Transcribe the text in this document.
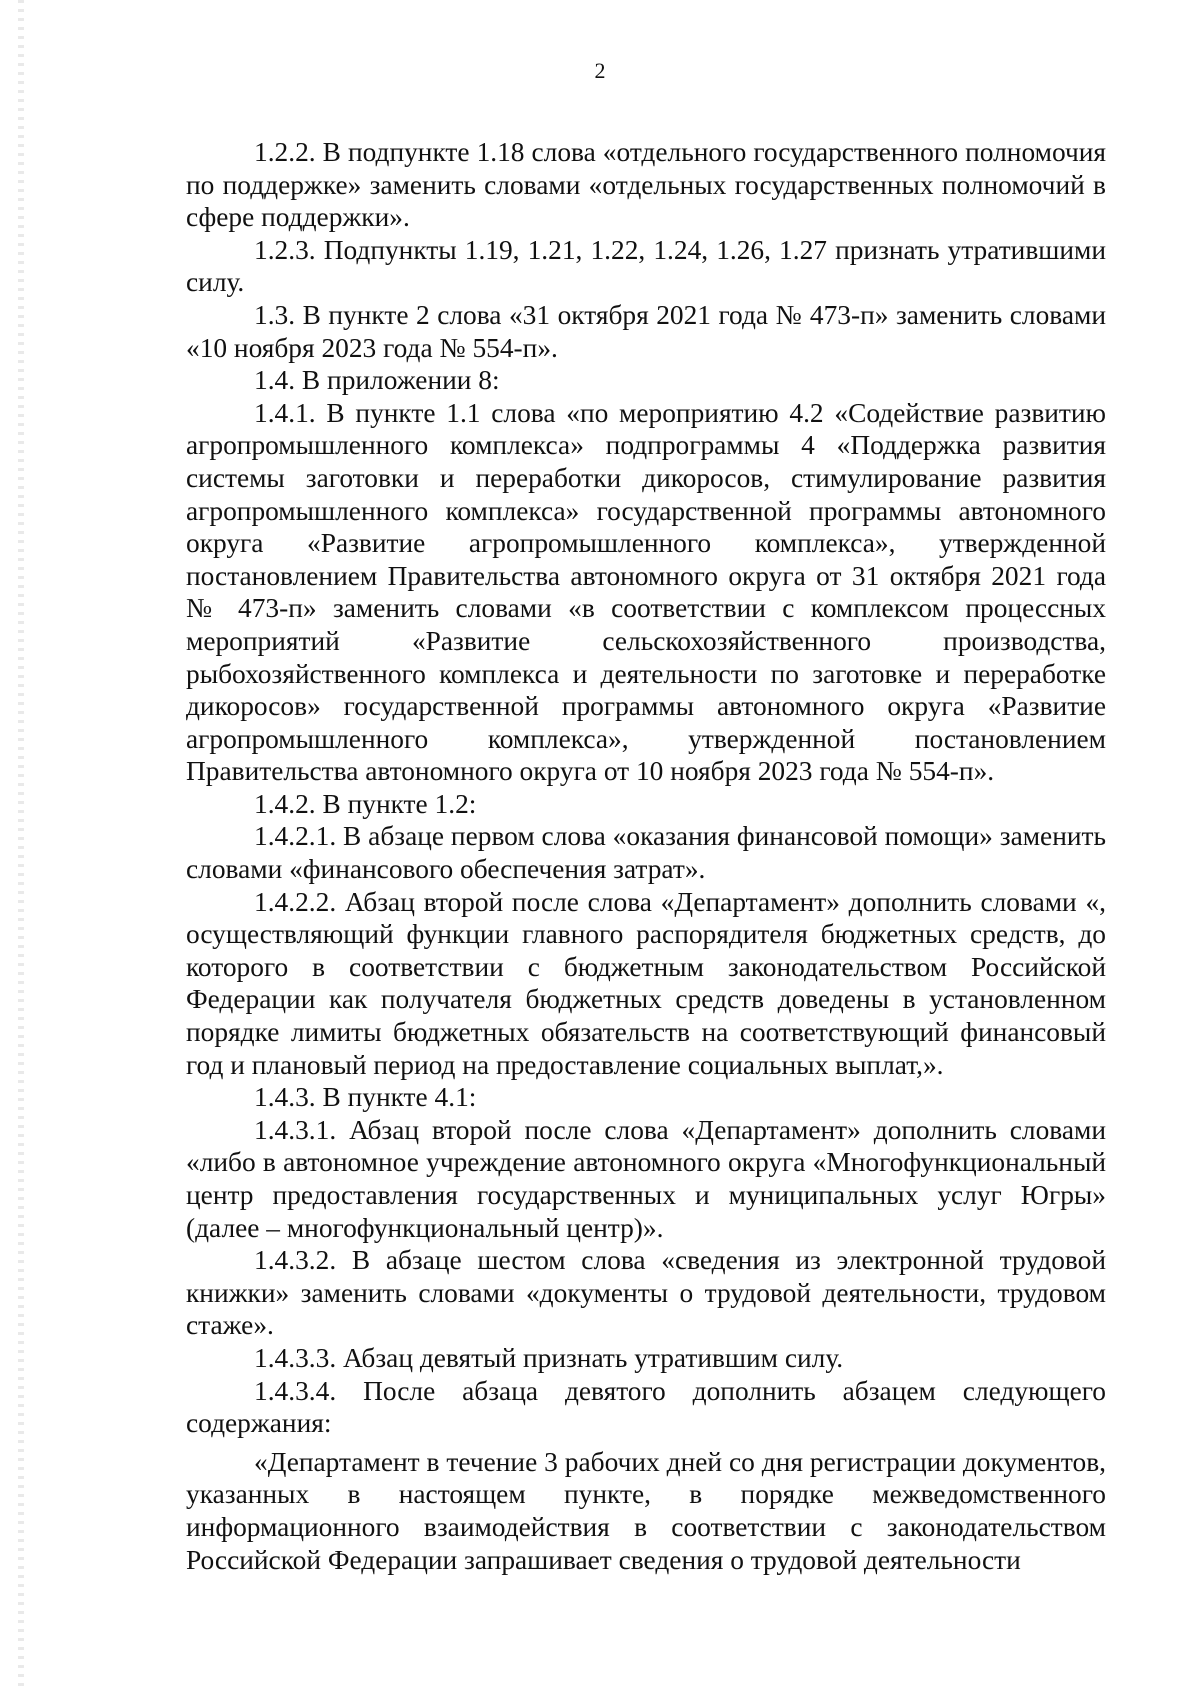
2

1.2.2. В подпункте 1.18 слова «отдельного государственного полномочия по поддержке» заменить словами «отдельных государственных полномочий в сфере поддержки».

1.2.3. Подпункты 1.19, 1.21, 1.22, 1.24, 1.26, 1.27 признать утратившими силу.

1.3. В пункте 2 слова «31 октября 2021 года № 473-п» заменить словами «10 ноября 2023 года № 554-п».

1.4. В приложении 8:

1.4.1. В пункте 1.1 слова «по мероприятию 4.2 «Содействие развитию агропромышленного комплекса» подпрограммы 4 «Поддержка развития системы заготовки и переработки дикоросов, стимулирование развития агропромышленного комплекса» государственной программы автономного округа «Развитие агропромышленного комплекса», утвержденной постановлением Правительства автономного округа от 31 октября 2021 года № 473-п» заменить словами «в соответствии с комплексом процессных мероприятий «Развитие сельскохозяйственного производства, рыбохозяйственного комплекса и деятельности по заготовке и переработке дикоросов» государственной программы автономного округа «Развитие агропромышленного комплекса», утвержденной постановлением Правительства автономного округа от 10 ноября 2023 года № 554-п».

1.4.2. В пункте 1.2:

1.4.2.1. В абзаце первом слова «оказания финансовой помощи» заменить словами «финансового обеспечения затрат».

1.4.2.2. Абзац второй после слова «Департамент» дополнить словами «, осуществляющий функции главного распорядителя бюджетных средств, до которого в соответствии с бюджетным законодательством Российской Федерации как получателя бюджетных средств доведены в установленном порядке лимиты бюджетных обязательств на соответствующий финансовый год и плановый период на предоставление социальных выплат,».

1.4.3. В пункте 4.1:

1.4.3.1. Абзац второй после слова «Департамент» дополнить словами «либо в автономное учреждение автономного округа «Многофункциональный центр предоставления государственных и муниципальных услуг Югры» (далее – многофункциональный центр)».

1.4.3.2. В абзаце шестом слова «сведения из электронной трудовой книжки» заменить словами «документы о трудовой деятельности, трудовом стаже».

1.4.3.3. Абзац девятый признать утратившим силу.

1.4.3.4. После абзаца девятого дополнить абзацем следующего содержания:

«Департамент в течение 3 рабочих дней со дня регистрации документов, указанных в настоящем пункте, в порядке межведомственного информационного взаимодействия в соответствии с законодательством Российской Федерации запрашивает сведения о трудовой деятельности
